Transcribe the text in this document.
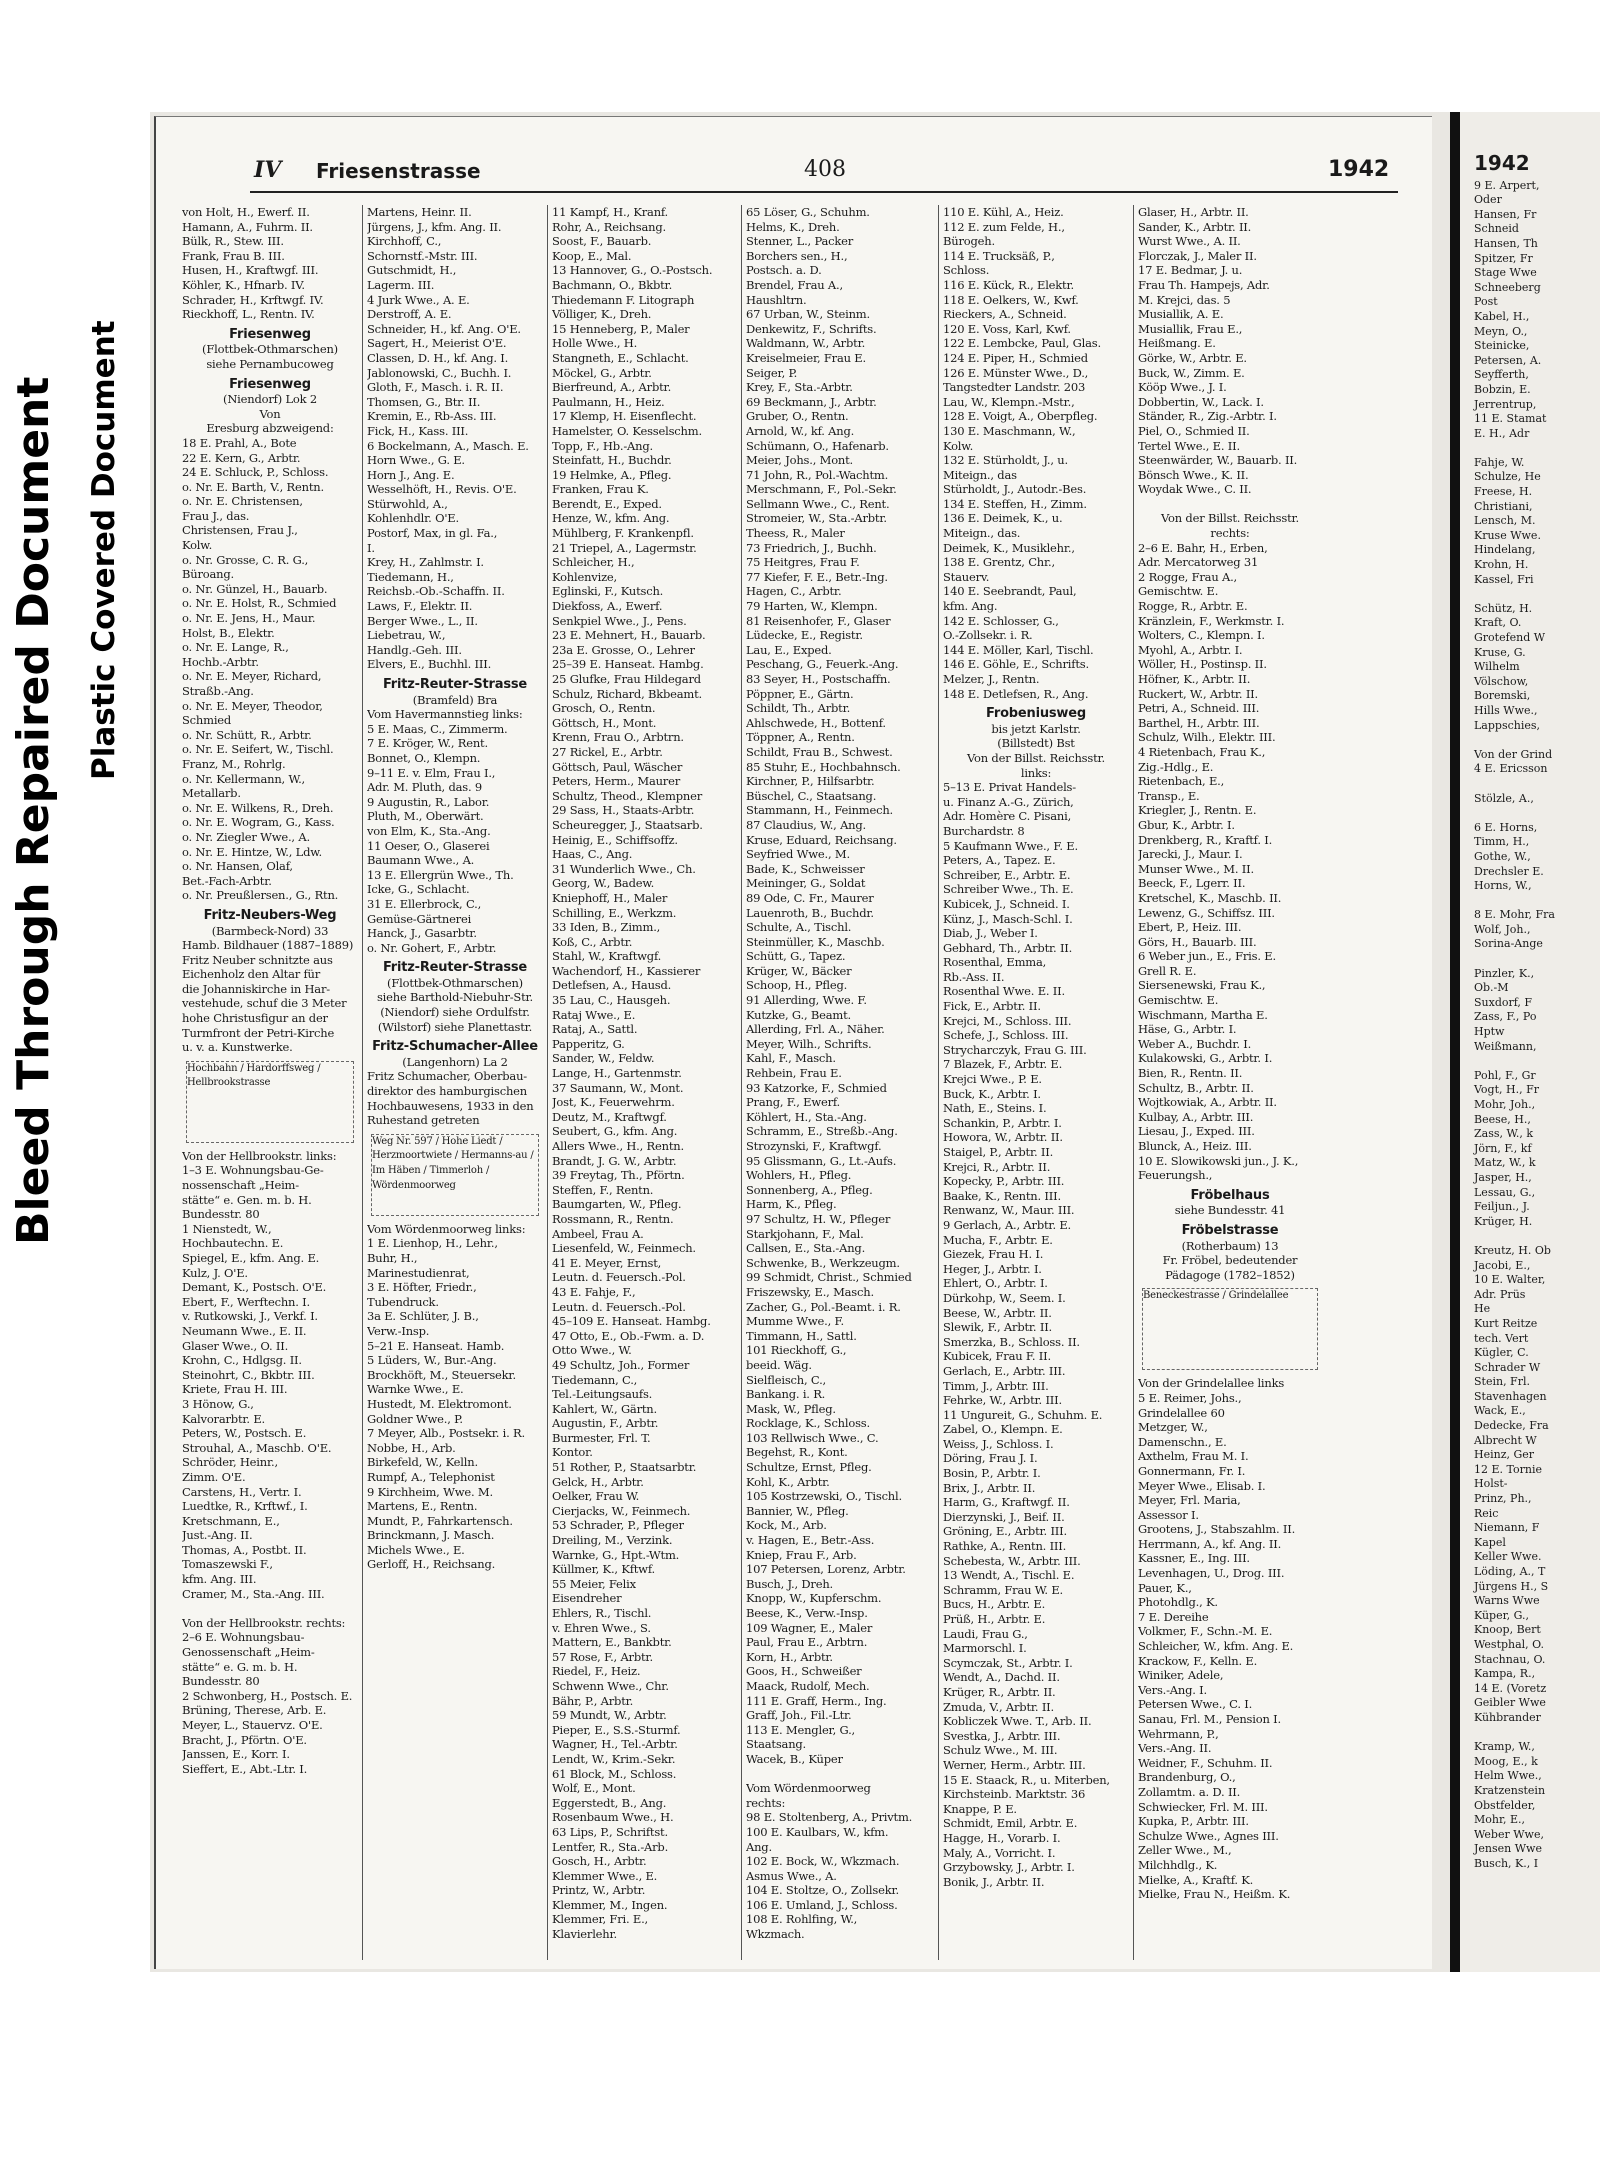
Bleed Through Repaired Document Plastic Covered Document
IV Friesenstrasse	408	1942
von Holt, H., Ewerf. II.
Hamann, A., Fuhrm. II.
Bülk, R., Stew. III.
Frank, Frau B. III.
Husen, H., Kraftwgf. III.
Köhler, K., Hfnarb. IV.
Schrader, H., Krftwgf. IV.
Rieckhoff, L., Rentn. IV.
Friesenweg
(Flottbek-Othmarschen)
siehe Pernambucoweg
Friesenweg
(Niendorf) Lok 2
Von
Eresburg abzweigend:
18 E. Prahl, A., Bote
22 E. Kern, G., Arbtr.
24 E. Schluck, P., Schloss.
o. Nr. E. Barth, V., Rentn.
o. Nr. E. Christensen,
Frau J., das.
Christensen, Frau J.,
Kolw.
o. Nr. Grosse, C. R. G.,
Büroang.
o. Nr. Günzel, H., Bauarb.
o. Nr. E. Holst, R., Schmied
o. Nr. E. Jens, H., Maur.
Holst, B., Elektr.
o. Nr. E. Lange, R.,
Hochb.-Arbtr.
o. Nr. E. Meyer, Richard,
Straßb.-Ang.
o. Nr. E. Meyer, Theodor,
Schmied
o. Nr. Schütt, R., Arbtr.
o. Nr. E. Seifert, W., Tischl.
Franz, M., Rohrlg.
o. Nr. Kellermann, W.,
Metallarb.
o. Nr. E. Wilkens, R., Dreh.
o. Nr. E. Wogram, G., Kass.
o. Nr. Ziegler Wwe., A.
o. Nr. E. Hintze, W., Ldw.
o. Nr. Hansen, Olaf,
Bet.-Fach-Arbtr.
o. Nr. Preußlersen., G., Rtn.
Fritz-Neubers-Weg
(Barmbeck-Nord) 33
Hamb. Bildhauer (1887–1889)
Fritz Neuber schnitzte aus
Eichenholz den Altar für
die Johanniskirche in Har-
vestehude, schuf die 3 Meter
hohe Christusfigur an der
Turmfront der Petri-Kirche
u. v. a. Kunstwerke.
Hochbahn / Hardorffsweg / Hellbrookstrasse
Von der Hellbrookstr. links:
1–3 E. Wohnungsbau-Ge-
nossenschaft „Heim-
stätte“ e. Gen. m. b. H.
Bundesstr. 80
1 Nienstedt, W.,
Hochbautechn. E.
Spiegel, E., kfm. Ang. E.
Kulz, J. O'E.
Demant, K., Postsch. O'E.
Ebert, F., Werftechn. I.
v. Rutkowski, J., Verkf. I.
Neumann Wwe., E. II.
Glaser Wwe., O. II.
Krohn, C., Hdlgsg. II.
Steinohrt, C., Bkbtr. III.
Kriete, Frau H. III.
3 Hönow, G.,
Kalvorarbtr. E.
Peters, W., Postsch. E.
Strouhal, A., Maschb. O'E.
Schröder, Heinr.,
Zimm. O'E.
Carstens, H., Vertr. I.
Luedtke, R., Krftwf., I.
Kretschmann, E.,
Just.-Ang. II.
Thomas, A., Postbt. II.
Tomaszewski F.,
kfm. Ang. III.
Cramer, M., Sta.-Ang. III.

Von der Hellbrookstr. rechts:
2–6 E. Wohnungsbau-
Genossenschaft „Heim-
stätte“ e. G. m. b. H.
Bundesstr. 80
2 Schwonberg, H., Postsch. E.
Brüning, Therese, Arb. E.
Meyer, L., Stauervz. O'E.
Bracht, J., Pförtn. O'E.
Janssen, E., Korr. I.
Sieffert, E., Abt.-Ltr. I.
Martens, Heinr. II.
Jürgens, J., kfm. Ang. II.
Kirchhoff, C.,
Schornstf.-Mstr. III.
Gutschmidt, H.,
Lagerm. III.
4 Jurk Wwe., A. E.
Derstroff, A. E.
Schneider, H., kf. Ang. O'E.
Sagert, H., Meierist O'E.
Classen, D. H., kf. Ang. I.
Jablonowski, C., Buchh. I.
Gloth, F., Masch. i. R. II.
Thomsen, G., Btr. II.
Kremin, E., Rb-Ass. III.
Fick, H., Kass. III.
6 Bockelmann, A., Masch. E.
Horn Wwe., G. E.
Horn J., Ang. E.
Wesselhöft, H., Revis. O'E.
Stürwohld, A.,
Kohlenhdlr. O'E.
Postorf, Max, in gl. Fa.,
I.
Krey, H., Zahlmstr. I.
Tiedemann, H.,
Reichsb.-Ob.-Schaffn. II.
Laws, F., Elektr. II.
Berger Wwe., L., II.
Liebetrau, W.,
Handlg.-Geh. III.
Elvers, E., Buchhl. III.
Fritz-Reuter-Strasse
(Bramfeld) Bra
Vom Havermannstieg links:
5 E. Maas, C., Zimmerm.
7 E. Kröger, W., Rent.
Bonnet, O., Klempn.
9–11 E. v. Elm, Frau I.,
Adr. M. Pluth, das. 9
9 Augustin, R., Labor.
Pluth, M., Oberwärt.
von Elm, K., Sta.-Ang.
11 Oeser, O., Glaserei
Baumann Wwe., A.
13 E. Ellergrün Wwe., Th.
Icke, G., Schlacht.
31 E. Ellerbrock, C.,
Gemüse-Gärtnerei
Hanck, J., Gasarbtr.
o. Nr. Gohert, F., Arbtr.
Fritz-Reuter-Strasse
(Flottbek-Othmarschen)
siehe Barthold-Niebuhr-Str.
(Niendorf) siehe Ordulfstr.
(Wilstorf) siehe Planettastr.
Fritz-Schumacher-Allee
(Langenhorn) La 2
Fritz Schumacher, Oberbau-
direktor des hamburgischen
Hochbauwesens, 1933 in den
Ruhestand getreten
Weg Nr. 597 / Hohe Liedt / Herzmoortwiete / Hermanns-au / Im Häben / Timmerloh / Wördenmoorweg
Vom Wördenmoorweg links:
1 E. Lienhop, H., Lehr.,
Buhr, H.,
Marinestudienrat,
3 E. Höfter, Friedr.,
Tubendruck.
3a E. Schlüter, J. B.,
Verw.-Insp.
5–21 E. Hanseat. Hamb.
5 Lüders, W., Bur.-Ang.
Brockhöft, M., Steuersekr.
Warnke Wwe., E.
Hustedt, M. Elektromont.
Goldner Wwe., P.
7 Meyer, Alb., Postsekr. i. R.
Nobbe, H., Arb.
Birkefeld, W., Kelln.
Rumpf, A., Telephonist
9 Kirchheim, Wwe. M.
Martens, E., Rentn.
Mundt, P., Fahrkartensch.
Brinckmann, J. Masch.
Michels Wwe., E.
Gerloff, H., Reichsang.
11 Kampf, H., Kranf.
Rohr, A., Reichsang.
Soost, F., Bauarb.
Koop, E., Mal.
13 Hannover, G., O.-Postsch.
Bachmann, O., Bkbtr.
Thiedemann F. Litograph
Völliger, K., Dreh.
15 Henneberg, P., Maler
Holle Wwe., H.
Stangneth, E., Schlacht.
Möckel, G., Arbtr.
Bierfreund, A., Arbtr.
Paulmann, H., Heiz.
17 Klemp, H. Eisenflecht.
Hamelster, O. Kesselschm.
Topp, F., Hb.-Ang.
Steinfatt, H., Buchdr.
19 Helmke, A., Pfleg.
Franken, Frau K.
Berendt, E., Exped.
Henze, W., kfm. Ang.
Mühlberg, F. Krankenpfl.
21 Triepel, A., Lagermstr.
Schleicher, H.,
Kohlenvize,
Eglinski, F., Kutsch.
Diekfoss, A., Ewerf.
Senkpiel Wwe., J., Pens.
23 E. Mehnert, H., Bauarb.
23a E. Grosse, O., Lehrer
25–39 E. Hanseat. Hambg.
25 Glufke, Frau Hildegard
Schulz, Richard, Bkbeamt.
Grosch, O., Rentn.
Göttsch, H., Mont.
Krenn, Frau O., Arbtrn.
27 Rickel, E., Arbtr.
Göttsch, Paul, Wäscher
Peters, Herm., Maurer
Schultz, Theod., Klempner
29 Sass, H., Staats-Arbtr.
Scheuregger, J., Staatsarb.
Heinig, E., Schiffsoffz.
Haas, C., Ang.
31 Wunderlich Wwe., Ch.
Georg, W., Badew.
Kniephoff, H., Maler
Schilling, E., Werkzm.
33 Iden, B., Zimm.,
Koß, C., Arbtr.
Stahl, W., Kraftwgf.
Wachendorf, H., Kassierer
Detlefsen, A., Hausd.
35 Lau, C., Hausgeh.
Rataj Wwe., E.
Rataj, A., Sattl.
Papperitz, G.
Sander, W., Feldw.
Lange, H., Gartenmstr.
37 Saumann, W., Mont.
Jost, K., Feuerwehrm.
Deutz, M., Kraftwgf.
Seubert, G., kfm. Ang.
Allers Wwe., H., Rentn.
Brandt, J. G. W., Arbtr.
39 Freytag, Th., Pförtn.
Steffen, F., Rentn.
Baumgarten, W., Pfleg.
Rossmann, R., Rentn.
Ambeel, Frau A.
Liesenfeld, W., Feinmech.
41 E. Meyer, Ernst,
Leutn. d. Feuersch.-Pol.
43 E. Fahje, F.,
Leutn. d. Feuersch.-Pol.
45–109 E. Hanseat. Hambg.
47 Otto, E., Ob.-Fwm. a. D.
Otto Wwe., W.
49 Schultz, Joh., Former
Tiedemann, C.,
Tel.-Leitungsaufs.
Kahlert, W., Gärtn.
Augustin, F., Arbtr.
Burmester, Frl. T.
Kontor.
51 Rother, P., Staatsarbtr.
Gelck, H., Arbtr.
Oelker, Frau W.
Cierjacks, W., Feinmech.
53 Schrader, P., Pfleger
Dreiling, M., Verzink.
Warnke, G., Hpt.-Wtm.
Küllmer, K., Kftwf.
55 Meier, Felix
Eisendreher
Ehlers, R., Tischl.
v. Ehren Wwe., S.
Mattern, E., Bankbtr.
57 Rose, F., Arbtr.
Riedel, F., Heiz.
Schwenn Wwe., Chr.
Bähr, P., Arbtr.
59 Mundt, W., Arbtr.
Pieper, E., S.S.-Sturmf.
Wagner, H., Tel.-Arbtr.
Lendt, W., Krim.-Sekr.
61 Block, M., Schloss.
Wolf, E., Mont.
Eggerstedt, B., Ang.
Rosenbaum Wwe., H.
63 Lips, P., Schriftst.
Lentfer, R., Sta.-Arb.
Gosch, H., Arbtr.
Klemmer Wwe., E.
Printz, W., Arbtr.
Klemmer, M., Ingen.
Klemmer, Fri. E.,
Klavierlehr.
65 Löser, G., Schuhm.
Helms, K., Dreh.
Stenner, L., Packer
Borchers sen., H.,
Postsch. a. D.
Brendel, Frau A.,
Haushltrn.
67 Urban, W., Steinm.
Denkewitz, F., Schrifts.
Waldmann, W., Arbtr.
Kreiselmeier, Frau E.
Seiger, P.
Krey, F., Sta.-Arbtr.
69 Beckmann, J., Arbtr.
Gruber, O., Rentn.
Arnold, W., kf. Ang.
Schümann, O., Hafenarb.
Meier, Johs., Mont.
71 John, R., Pol.-Wachtm.
Merschmann, F., Pol.-Sekr.
Sellmann Wwe., C., Rent.
Stromeier, W., Sta.-Arbtr.
Theess, R., Maler
73 Friedrich, J., Buchh.
75 Heitgres, Frau F.
77 Kiefer, F. E., Betr.-Ing.
Hagen, C., Arbtr.
79 Harten, W., Klempn.
81 Reisenhofer, F., Glaser
Lüdecke, E., Registr.
Lau, E., Exped.
Peschang, G., Feuerk.-Ang.
83 Seyer, H., Postschaffn.
Pöppner, E., Gärtn.
Schildt, Th., Arbtr.
Ahlschwede, H., Bottenf.
Töppner, A., Rentn.
Schildt, Frau B., Schwest.
85 Stuhr, E., Hochbahnsch.
Kirchner, P., Hilfsarbtr.
Büschel, C., Staatsang.
Stammann, H., Feinmech.
87 Claudius, W., Ang.
Kruse, Eduard, Reichsang.
Seyfried Wwe., M.
Bade, K., Schweisser
Meininger, G., Soldat
89 Ode, C. Fr., Maurer
Lauenroth, B., Buchdr.
Schulte, A., Tischl.
Steinmüller, K., Maschb.
Schütt, G., Tapez.
Krüger, W., Bäcker
Schoop, H., Pfleg.
91 Allerding, Wwe. F.
Kutzke, G., Beamt.
Allerding, Frl. A., Näher.
Meyer, Wilh., Schrifts.
Kahl, F., Masch.
Rehbein, Frau E.
93 Katzorke, F., Schmied
Prang, F., Ewerf.
Köhlert, H., Sta.-Ang.
Schramm, E., Streßb.-Ang.
Strozynski, F., Kraftwgf.
95 Glissmann, G., Lt.-Aufs.
Wohlers, H., Pfleg.
Sonnenberg, A., Pfleg.
Harm, K., Pfleg.
97 Schultz, H. W., Pfleger
Starkjohann, F., Mal.
Callsen, E., Sta.-Ang.
Schwenke, B., Werkzeugm.
99 Schmidt, Christ., Schmied
Friszewsky, E., Masch.
Zacher, G., Pol.-Beamt. i. R.
Mumme Wwe., F.
Timmann, H., Sattl.
101 Rieckhoff, G.,
beeid. Wäg.
Sielfleisch, C.,
Bankang. i. R.
Mask, W., Pfleg.
Rocklage, K., Schloss.
103 Rellwisch Wwe., C.
Begehst, R., Kont.
Schultze, Ernst, Pfleg.
Kohl, K., Arbtr.
105 Kostrzewski, O., Tischl.
Bannier, W., Pfleg.
Kock, M., Arb.
v. Hagen, E., Betr.-Ass.
Kniep, Frau F., Arb.
107 Petersen, Lorenz, Arbtr.
Busch, J., Dreh.
Knopp, W., Kupferschm.
Beese, K., Verw.-Insp.
109 Wagner, E., Maler
Paul, Frau E., Arbtrn.
Korn, H., Arbtr.
Goos, H., Schweißer
Maack, Rudolf, Mech.
111 E. Graff, Herm., Ing.
Graff, Joh., Fil.-Ltr.
113 E. Mengler, G.,
Staatsang.
Wacek, B., Küper

Vom Wördenmoorweg
rechts:
98 E. Stoltenberg, A., Privtm.
100 E. Kaulbars, W., kfm.
Ang.
102 E. Bock, W., Wkzmach.
Asmus Wwe., A.
104 E. Stoltze, O., Zollsekr.
106 E. Umland, J., Schloss.
108 E. Rohlfing, W.,
Wkzmach.
110 E. Kühl, A., Heiz.
112 E. zum Felde, H.,
Bürogeh.
114 E. Trucksäß, P.,
Schloss.
116 E. Kück, R., Elektr.
118 E. Oelkers, W., Kwf.
Rieckers, A., Schneid.
120 E. Voss, Karl, Kwf.
122 E. Lembcke, Paul, Glas.
124 E. Piper, H., Schmied
126 E. Münster Wwe., D.,
Tangstedter Landstr. 203
Lau, W., Klempn.-Mstr.,
128 E. Voigt, A., Oberpfleg.
130 E. Maschmann, W.,
Kolw.
132 E. Stürholdt, J., u.
Miteign., das
Stürholdt, J., Autodr.-Bes.
134 E. Steffen, H., Zimm.
136 E. Deimek, K., u.
Miteign., das.
Deimek, K., Musiklehr.,
138 E. Grentz, Chr.,
Stauerv.
140 E. Seebrandt, Paul,
kfm. Ang.
142 E. Schlosser, G.,
O.-Zollsekr. i. R.
144 E. Möller, Karl, Tischl.
146 E. Göhle, E., Schrifts.
Melzer, J., Rentn.
148 E. Detlefsen, R., Ang.
Frobeniusweg
bis jetzt Karlstr.
(Billstedt) Bst
Von der Billst. Reichsstr.
links:
5–13 E. Privat Handels-
u. Finanz A.-G., Zürich,
Adr. Homère C. Pisani,
Burchardstr. 8
5 Kaufmann Wwe., F. E.
Peters, A., Tapez. E.
Schreiber, E., Arbtr. E.
Schreiber Wwe., Th. E.
Kubicek, J., Schneid. I.
Künz, J., Masch-Schl. I.
Diab, J., Weber I.
Gebhard, Th., Arbtr. II.
Rosenthal, Emma,
Rb.-Ass. II.
Rosenthal Wwe. E. II.
Fick, E., Arbtr. II.
Krejci, M., Schloss. III.
Schefe, J., Schloss. III.
Strycharczyk, Frau G. III.
7 Blazek, F., Arbtr. E.
Krejci Wwe., P. E.
Buck, K., Arbtr. I.
Nath, E., Steins. I.
Schankin, P., Arbtr. I.
Howora, W., Arbtr. II.
Staigel, P., Arbtr. II.
Krejci, R., Arbtr. II.
Kopecky, P., Arbtr. III.
Baake, K., Rentn. III.
Renwanz, W., Maur. III.
9 Gerlach, A., Arbtr. E.
Mucha, F., Arbtr. E.
Giezek, Frau H. I.
Heger, J., Arbtr. I.
Ehlert, O., Arbtr. I.
Dürkohp, W., Seem. I.
Beese, W., Arbtr. II.
Slewik, F., Arbtr. II.
Smerzka, B., Schloss. II.
Kubicek, Frau F. II.
Gerlach, E., Arbtr. III.
Timm, J., Arbtr. III.
Fehrke, W., Arbtr. III.
11 Ungureit, G., Schuhm. E.
Zabel, O., Klempn. E.
Weiss, J., Schloss. I.
Döring, Frau J. I.
Bosin, P., Arbtr. I.
Brix, J., Arbtr. II.
Harm, G., Kraftwgf. II.
Dierzynski, J., Beif. II.
Gröning, E., Arbtr. III.
Rathke, A., Rentn. III.
Schebesta, W., Arbtr. III.
13 Wendt, A., Tischl. E.
Schramm, Frau W. E.
Bucs, H., Arbtr. E.
Prüß, H., Arbtr. E.
Laudi, Frau G.,
Marmorschl. I.
Scymczak, St., Arbtr. I.
Wendt, A., Dachd. II.
Krüger, R., Arbtr. II.
Zmuda, V., Arbtr. II.
Kobliczek Wwe. T., Arb. II.
Svestka, J., Arbtr. III.
Schulz Wwe., M. III.
Werner, Herm., Arbtr. III.
15 E. Staack, R., u. Miterben,
Kirchsteinb. Marktstr. 36
Knappe, P. E.
Schmidt, Emil, Arbtr. E.
Hagge, H., Vorarb. I.
Maly, A., Vorricht. I.
Grzybowsky, J., Arbtr. I.
Bonik, J., Arbtr. II.
Glaser, H., Arbtr. II.
Sander, K., Arbtr. II.
Wurst Wwe., A. II.
Florczak, J., Maler II.
17 E. Bedmar, J. u.
Frau Th. Hampejs, Adr.
M. Krejci, das. 5
Musiallik, A. E.
Musiallik, Frau E.,
Heißmang. E.
Görke, W., Arbtr. E.
Buck, W., Zimm. E.
Kööp Wwe., J. I.
Dobbertin, W., Lack. I.
Ständer, R., Zig.-Arbtr. I.
Piel, O., Schmied II.
Tertel Wwe., E. II.
Steenwärder, W., Bauarb. II.
Bönsch Wwe., K. II.
Woydak Wwe., C. II.

Von der Billst. Reichsstr.
rechts:
2–6 E. Bahr, H., Erben,
Adr. Mercatorweg 31
2 Rogge, Frau A.,
Gemischtw. E.
Rogge, R., Arbtr. E.
Kränzlein, F., Werkmstr. I.
Wolters, C., Klempn. I.
Myohl, A., Arbtr. I.
Wöller, H., Postinsp. II.
Höfner, K., Arbtr. II.
Ruckert, W., Arbtr. II.
Petri, A., Schneid. III.
Barthel, H., Arbtr. III.
Schulz, Wilh., Elektr. III.
4 Rietenbach, Frau K.,
Zig.-Hdlg., E.
Rietenbach, E.,
Transp., E.
Kriegler, J., Rentn. E.
Gbur, K., Arbtr. I.
Drenkberg, R., Kraftf. I.
Jarecki, J., Maur. I.
Munser Wwe., M. II.
Beeck, F., Lgerr. II.
Kretschel, K., Maschb. II.
Lewenz, G., Schiffsz. III.
Ebert, P., Heiz. III.
Görs, H., Bauarb. III.
6 Weber jun., E., Fris. E.
Grell R. E.
Siersenewski, Frau K.,
Gemischtw. E.
Wischmann, Martha E.
Häse, G., Arbtr. I.
Weber A., Buchdr. I.
Kulakowski, G., Arbtr. I.
Bien, R., Rentn. II.
Schultz, B., Arbtr. II.
Wojtkowiak, A., Arbtr. II.
Kulbay, A., Arbtr. III.
Liesau, J., Exped. III.
Blunck, A., Heiz. III.
10 E. Slowikowski jun., J. K.,
Feuerungsh.,
Fröbelhaus
siehe Bundesstr. 41
Fröbelstrasse
(Rotherbaum) 13
Fr. Fröbel, bedeutender
Pädagoge (1782–1852)
Beneckestrasse / Grindelallee
Von der Grindelallee links
5 E. Reimer, Johs.,
Grindelallee 60
Metzger, W.,
Damenschn., E.
Axthelm, Frau M. I.
Gonnermann, Fr. I.
Meyer Wwe., Elisab. I.
Meyer, Frl. Maria,
Assessor I.
Grootens, J., Stabszahlm. II.
Herrmann, A., kf. Ang. II.
Kassner, E., Ing. III.
Levenhagen, U., Drog. III.
Pauer, K.,
Photohdlg., K.
7 E. Dereihe
Volkmer, F., Schn.-M. E.
Schleicher, W., kfm. Ang. E.
Krackow, F., Kelln. E.
Winiker, Adele,
Vers.-Ang. I.
Petersen Wwe., C. I.
Sanau, Frl. M., Pension I.
Wehrmann, P.,
Vers.-Ang. II.
Weidner, F., Schuhm. II.
Brandenburg, O.,
Zollamtm. a. D. II.
Schwiecker, Frl. M. III.
Kupka, P., Arbtr. III.
Schulze Wwe., Agnes III.
Zeller Wwe., M.,
Milchhdlg., K.
Mielke, A., Kraftf. K.
Mielke, Frau N., Heißm. K.
1942
9 E. Arpert,
Oder
Hansen, Fr
Schneid
Hansen, Th
Spitzer, Fr
Stage Wwe
Schneeberg
Post
Kabel, H.,
Meyn, O.,
Steinicke,
Petersen, A.
Seyfferth,
Bobzin, E.
Jerrentrup,
11 E. Stamat
E. H., Adr

Fahje, W.
Schulze, He
Freese, H.
Christiani,
Lensch, M.
Kruse Wwe.
Hindelang,
Krohn, H.
Kassel, Fri

Schütz, H.
Kraft, O.
Grotefend W
Kruse, G.
Wilhelm
Völschow,
Boremski,
Hills Wwe.,
Lappschies,

Von der Grind
4 E. Ericsson

Stölzle, A.,

6 E. Horns,
Timm, H.,
Gothe, W.,
Drechsler E.
Horns, W.,

8 E. Mohr, Fra
Wolf, Joh.,
Sorina-Ange

Pinzler, K.,
Ob.-M
Suxdorf, F
Zass, F., Po
Hptw
Weißmann,

Pohl, F., Gr
Vogt, H., Fr
Mohr, Joh.,
Beese, H.,
Zass, W., k
Jörn, F., kf
Matz, W., k
Jasper, H.,
Lessau, G.,
Feiljun., J.
Krüger, H.

Kreutz, H. Ob
Jacobi, E.,
10 E. Walter,
Adr. Prüs
He
Kurt Reitze
tech. Vert
Kügler, C.
Schrader W
Stein, Frl.
Stavenhagen
Wack, E.,
Dedecke, Fra
Albrecht W
Heinz, Ger
12 E. Tornie
Holst-
Prinz, Ph.,
Reic
Niemann, F
Kapel
Keller Wwe.
Löding, A., T
Jürgens H., S
Warns Wwe
Küper, G.,
Knoop, Bert
Westphal, O.
Stachnau, O.
Kampa, R.,
14 E. (Voretz
Geibler Wwe
Kühbrander

Kramp, W.,
Moog, E., k
Helm Wwe.,
Kratzenstein
Obstfelder,
Mohr, E.,
Weber Wwe,
Jensen Wwe
Busch, K., I
